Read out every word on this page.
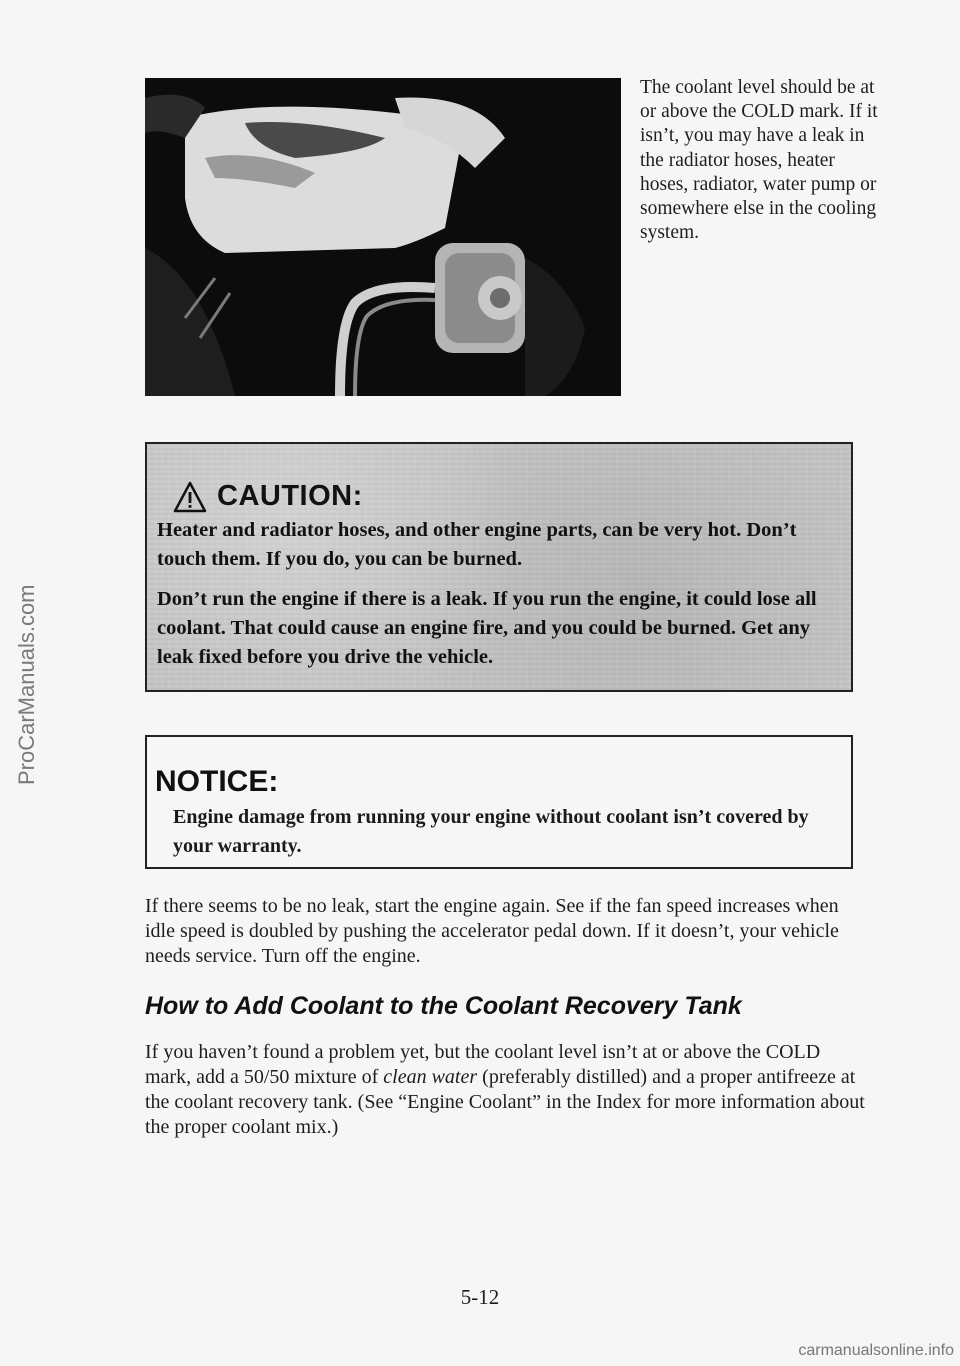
ProCarManuals.com
The coolant level should be at or above the COLD mark. If it isn’t, you may have a leak in the radiator hoses, heater hoses, radiator, water pump or somewhere else in the cooling system.
CAUTION:

Heater and radiator hoses, and other engine parts, can be very hot. Don’t touch them. If you do, you can be burned.

Don’t run the engine if there is a leak. If you run the engine, it could lose all coolant. That could cause an engine fire, and you could be burned. Get any leak fixed before you drive the vehicle.

NOTICE:
Engine damage from running your engine without coolant isn’t covered by your warranty.
If there seems to be no leak, start the engine again. See if the fan speed increases when idle speed is doubled by pushing the accelerator pedal down. If it doesn’t, your vehicle needs service. Turn off the engine.
How to Add Coolant to the Coolant Recovery Tank
If you haven’t found a problem yet, but the coolant level isn’t at or above the COLD mark, add a 50/50 mixture of clean water (preferably distilled) and a proper antifreeze at the coolant recovery tank. (See “Engine Coolant” in the Index for more information about the proper coolant mix.)
5-12
carmanualsonline.info
